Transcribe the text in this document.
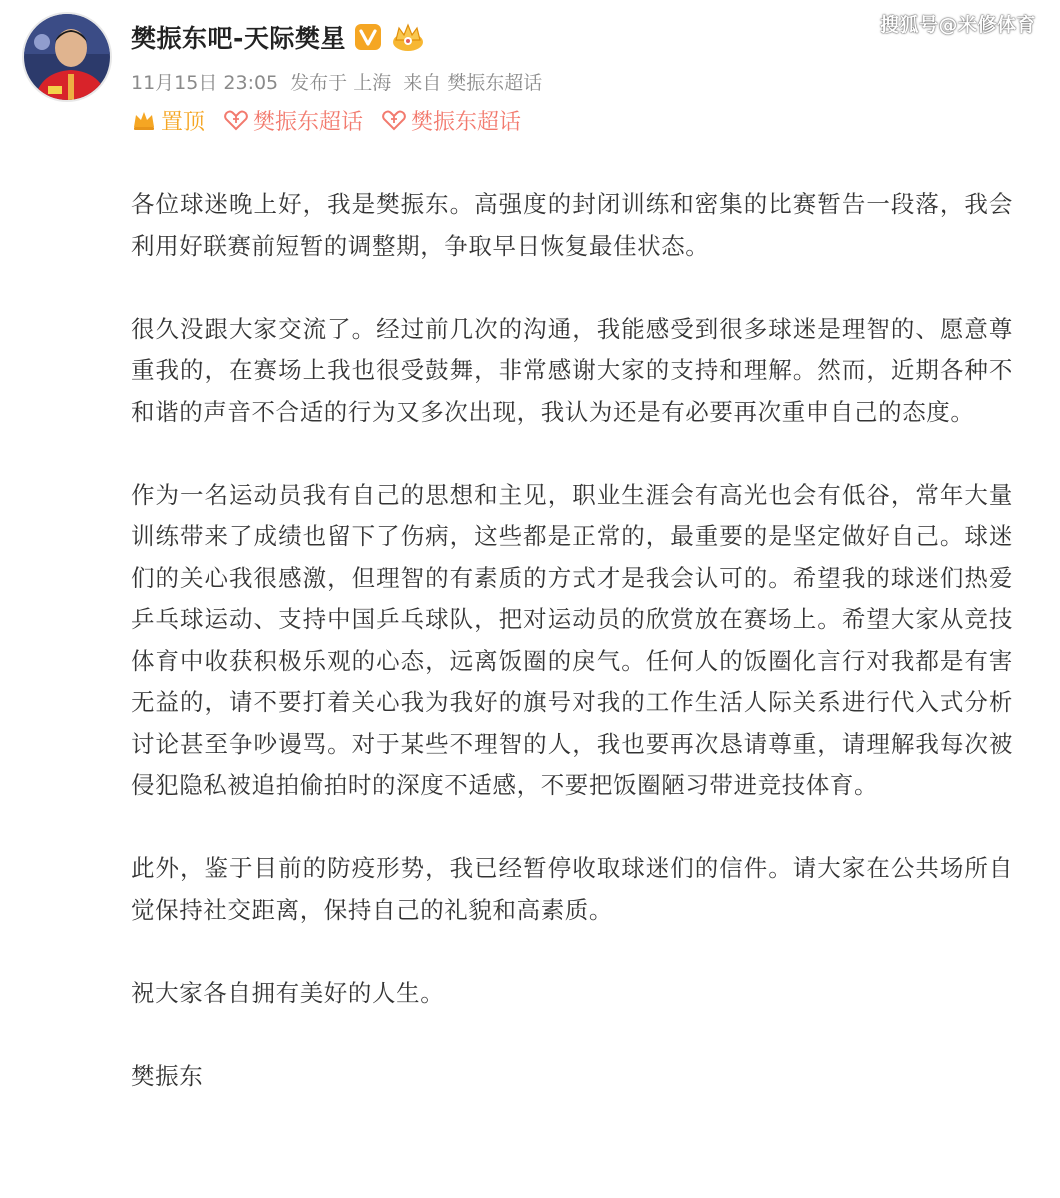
搜狐号@米修体育
樊振东吧-天际樊星
11月15日 23:05 发布于 上海 来自 樊振东超话
置顶 樊振东超话 樊振东超话

各位球迷晚上好，我是樊振东。高强度的封闭训练和密集的比赛暂告一段落，我会利用好联赛前短暂的调整期，争取早日恢复最佳状态。

很久没跟大家交流了。经过前几次的沟通，我能感受到很多球迷是理智的、愿意尊重我的，在赛场上我也很受鼓舞，非常感谢大家的支持和理解。然而，近期各种不和谐的声音不合适的行为又多次出现，我认为还是有必要再次重申自己的态度。

作为一名运动员我有自己的思想和主见，职业生涯会有高光也会有低谷，常年大量训练带来了成绩也留下了伤病，这些都是正常的，最重要的是坚定做好自己。球迷们的关心我很感激，但理智的有素质的方式才是我会认可的。希望我的球迷们热爱乒乓球运动、支持中国乒乓球队，把对运动员的欣赏放在赛场上。希望大家从竞技体育中收获积极乐观的心态，远离饭圈的戾气。任何人的饭圈化言行对我都是有害无益的，请不要打着关心我为我好的旗号对我的工作生活人际关系进行代入式分析讨论甚至争吵谩骂。对于某些不理智的人，我也要再次恳请尊重，请理解我每次被侵犯隐私被追拍偷拍时的深度不适感，不要把饭圈陋习带进竞技体育。

此外，鉴于目前的防疫形势，我已经暂停收取球迷们的信件。请大家在公共场所自觉保持社交距离，保持自己的礼貌和高素质。

祝大家各自拥有美好的人生。

樊振东
